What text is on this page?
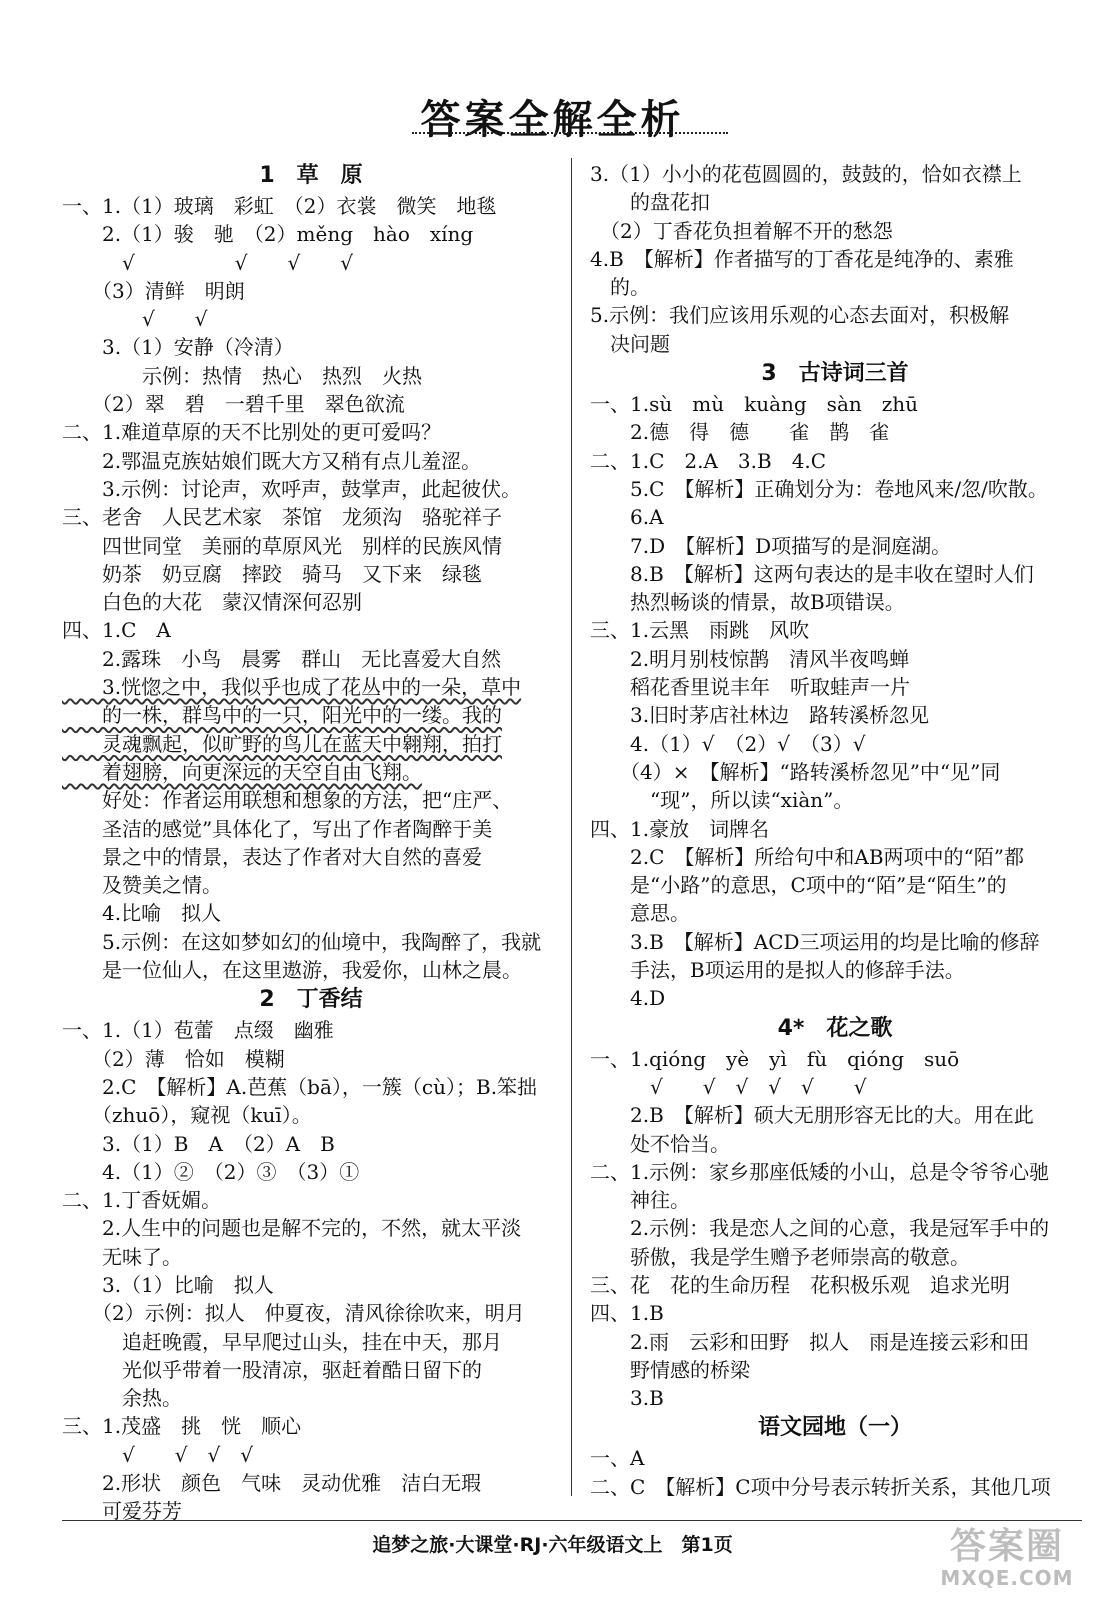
答案全解全析
1　草　原
一、1.（1）玻璃　彩虹　（2）衣裳　微笑　地毯
　　2.（1）骏　驰　（2）měng　hào　xíng
　　　√　　　　　√　　√　　√
　　（3）清鲜　明朗
　　　　√　　√
　　3.（1）安静（冷清）
　　　　示例：热情　热心　热烈　火热
　　（2）翠　碧　一碧千里　翠色欲流
二、1.难道草原的天不比别处的更可爱吗？
　　2.鄂温克族姑娘们既大方又稍有点儿羞涩。
　　3.示例：讨论声，欢呼声，鼓掌声，此起彼伏。
三、老舍　人民艺术家　茶馆　龙须沟　骆驼祥子
　　四世同堂　美丽的草原风光　别样的民族风情
　　奶茶　奶豆腐　摔跤　骑马　又下来　绿毯
　　白色的大花　蒙汉情深何忍别
四、1.C　A
　　2.露珠　小鸟　晨雾　群山　无比喜爱大自然
　　3.恍惚之中，我似乎也成了花丛中的一朵，草中
　　的一株，群鸟中的一只，阳光中的一缕。我的
　　灵魂飘起，似旷野的鸟儿在蓝天中翱翔，拍打
　　着翅膀，向更深远的天空自由飞翔。
　　好处：作者运用联想和想象的方法，把“庄严、
　　圣洁的感觉”具体化了，写出了作者陶醉于美
　　景之中的情景，表达了作者对大自然的喜爱
　　及赞美之情。
　　4.比喻　拟人
　　5.示例：在这如梦如幻的仙境中，我陶醉了，我就
　　是一位仙人，在这里遨游，我爱你，山林之晨。
2　丁香结
一、1.（1）苞蕾　点缀　幽雅
　　（2）薄　恰如　模糊
　　2.C　【解析】A.芭蕉（bā），一簇（cù）；B.笨拙
　　（zhuō），窥视（kuī）。
　　3.（1）B　A　（2）A　B
　　4.（1）②　（2）③　（3）①
二、1.丁香妩媚。
　　2.人生中的问题也是解不完的，不然，就太平淡
　　无味了。
　　3.（1）比喻　拟人
　　（2）示例：拟人　仲夏夜，清风徐徐吹来，明月
　　　追赶晚霞，早早爬过山头，挂在中天，那月
　　　光似乎带着一股清凉，驱赶着酷日留下的
　　　余热。
三、1.茂盛　挑　恍　顺心
　　　√　　√　√　√
　　2.形状　颜色　气味　灵动优雅　洁白无瑕
　　可爱芬芳
3.（1）小小的花苞圆圆的，鼓鼓的，恰如衣襟上
　　的盘花扣
　（2）丁香花负担着解不开的愁怨
4.B　【解析】作者描写的丁香花是纯净的、素雅
　的。
5.示例：我们应该用乐观的心态去面对，积极解
　决问题
3　古诗词三首
一、1.sù　mù　kuàng　sàn　zhū
　　2.德　得　德　　雀　鹊　雀
二、1.C　2.A　3.B　4.C
　　5.C　【解析】正确划分为：卷地风来/忽/吹散。
　　6.A
　　7.D　【解析】D项描写的是洞庭湖。
　　8.B　【解析】这两句表达的是丰收在望时人们
　　热烈畅谈的情景，故B项错误。
三、1.云黑　雨跳　风吹
　　2.明月别枝惊鹊　清风半夜鸣蝉
　　稻花香里说丰年　听取蛙声一片
　　3.旧时茅店社林边　路转溪桥忽见
　　4.（1）√　（2）√　（3）√
　　（4）×　【解析】“路转溪桥忽见”中“见”同
　　　“现”，所以读“xiàn”。
四、1.豪放　词牌名
　　2.C　【解析】所给句中和AB两项中的“陌”都
　　是“小路”的意思，C项中的“陌”是“陌生”的
　　意思。
　　3.B　【解析】ACD三项运用的均是比喻的修辞
　　手法，B项运用的是拟人的修辞手法。
　　4.D
4*　花之歌
一、1.qióng　yè　yì　fù　qióng　suō
　　　√　　√　√　√　√　　√
　　2.B　【解析】硕大无朋形容无比的大。用在此
　　处不恰当。
二、1.示例：家乡那座低矮的小山，总是令爷爷心驰
　　神往。
　　2.示例：我是恋人之间的心意，我是冠军手中的
　　骄傲，我是学生赠予老师崇高的敬意。
三、花　花的生命历程　花积极乐观　追求光明
四、1.B
　　2.雨　云彩和田野　拟人　雨是连接云彩和田
　　野情感的桥梁
　　3.B
语文园地（一）
一、A
二、C　【解析】C项中分号表示转折关系，其他几项
追梦之旅·大课堂·RJ·六年级语文上　第1页	答案圈
MXQE.COM
